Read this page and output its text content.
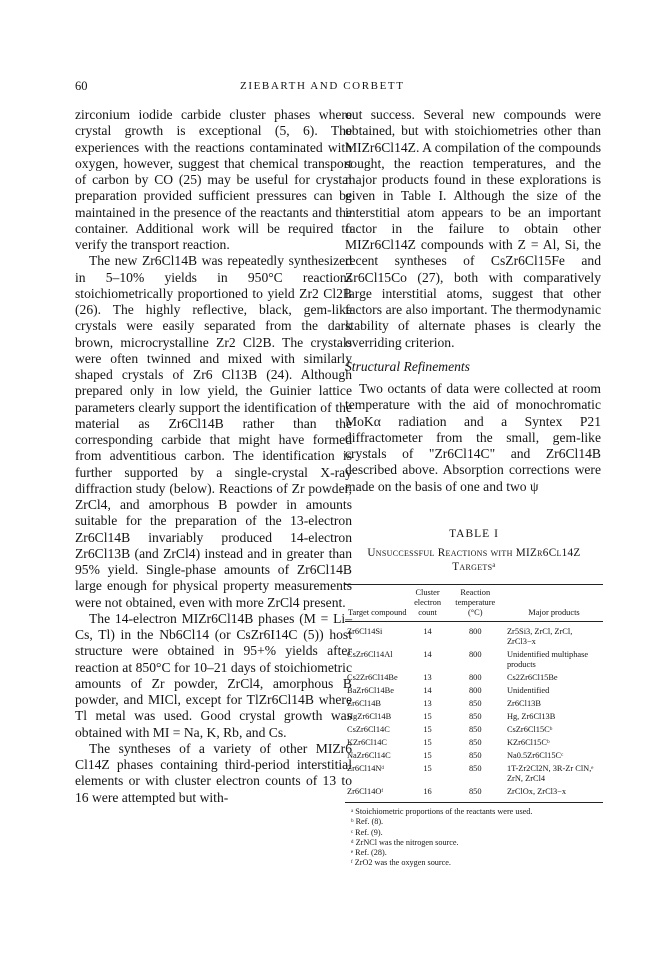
60	ZIEBARTH AND CORBETT

zirconium iodide carbide cluster phases where crystal growth is exceptional (5, 6). The experiences with the reactions contaminated with oxygen, however, suggest that chemical transport of carbon by CO (25) may be useful for crystal preparation provided sufficient pressures can be maintained in the presence of the reactants and the container. Additional work will be required to verify the transport reaction.

The new Zr6Cl14B was repeatedly synthesized in 5–10% yields in 950°C reactions stoichiometrically proportioned to yield Zr2 Cl2B (26). The highly reflective, black, gem-like crystals were easily separated from the dark brown, microcrystalline Zr2 Cl2B. The crystals were often twinned and mixed with similarly shaped crystals of Zr6 Cl13B (24). Although prepared only in low yield, the Guinier lattice parameters clearly support the identification of the material as Zr6Cl14B rather than the corresponding carbide that might have formed from adventitious carbon. The identification is further supported by a single-crystal X-ray diffraction study (below). Reactions of Zr powder, ZrCl4, and amorphous B powder in amounts suitable for the preparation of the 13-electron Zr6Cl14B invariably produced 14-electron Zr6Cl13B (and ZrCl4) instead and in greater than 95% yield. Single-phase amounts of Zr6Cl14B large enough for physical property measurements were not obtained, even with more ZrCl4 present.

The 14-electron MIZr6Cl14B phases (M = Li–Cs, Tl) in the Nb6Cl14 (or CsZr6I14C (5)) host structure were obtained in 95+% yields after reaction at 850°C for 10–21 days of stoichiometric amounts of Zr powder, ZrCl4, amorphous B powder, and MICl, except for TlZr6Cl14B where Tl metal was used. Good crystal growth was obtained with MI = Na, K, Rb, and Cs.

The syntheses of a variety of other MIZr6 Cl14Z phases containing third-period interstitial elements or with cluster electron counts of 13 to 16 were attempted but with-

out success. Several new compounds were obtained, but with stoichiometries other than MIZr6Cl14Z. A compilation of the compounds sought, the reaction temperatures, and the major products found in these explorations is given in Table I. Although the size of the interstitial atom appears to be an important factor in the failure to obtain other MIZr6Cl14Z compounds with Z = Al, Si, the recent syntheses of CsZr6Cl15Fe and Zr6Cl15Co (27), both with comparatively large interstitial atoms, suggest that other factors are also important. The thermodynamic stability of alternate phases is clearly the overriding criterion.

Structural Refinements

Two octants of data were collected at room temperature with the aid of monochromatic MoKα radiation and a Syntex P21 diffractometer from the small, gem-like crystals of "Zr6Cl14C" and Zr6Cl14B described above. Absorption corrections were made on the basis of one and two ψ

TABLE I
Unsuccessful Reactions with MIZr6Cl14Z
Targetsᵃ
Target compound	Cluster electron count	Reaction temperature (°C)	Major products
Zr6Cl14Si	14	800	Zr5Si3, ZrCl, ZrCl, ZrCl3−x
CsZr6Cl14Al	14	800	Unidentified multiphase products
Cs2Zr6Cl14Be	13	800	Cs2Zr6Cl15Be
BaZr6Cl14Be	14	800	Unidentified
Zr6Cl14B	13	850	Zr6Cl13B
HgZr6Cl14B	15	850	Hg, Zr6Cl13B
CsZr6Cl14C	15	850	CsZr6Cl15Cᵇ
KZr6Cl14C	15	850	KZr6Cl15Cᵇ
NaZr6Cl14C	15	850	Na0.5Zr6Cl15Cᶜ
Zr6Cl14Nᵈ	15	850	1T-Zr2Cl2N, 3R-Zr ClN,ᵉ ZrN, ZrCl4
Zr6Cl14Oᶠ	16	850	ZrClOx, ZrCl3−x
ᵃ Stoichiometric proportions of the reactants were used.
ᵇ Ref. (8).
ᶜ Ref. (9).
ᵈ ZrNCl was the nitrogen source.
ᵉ Ref. (28).
ᶠ ZrO2 was the oxygen source.
